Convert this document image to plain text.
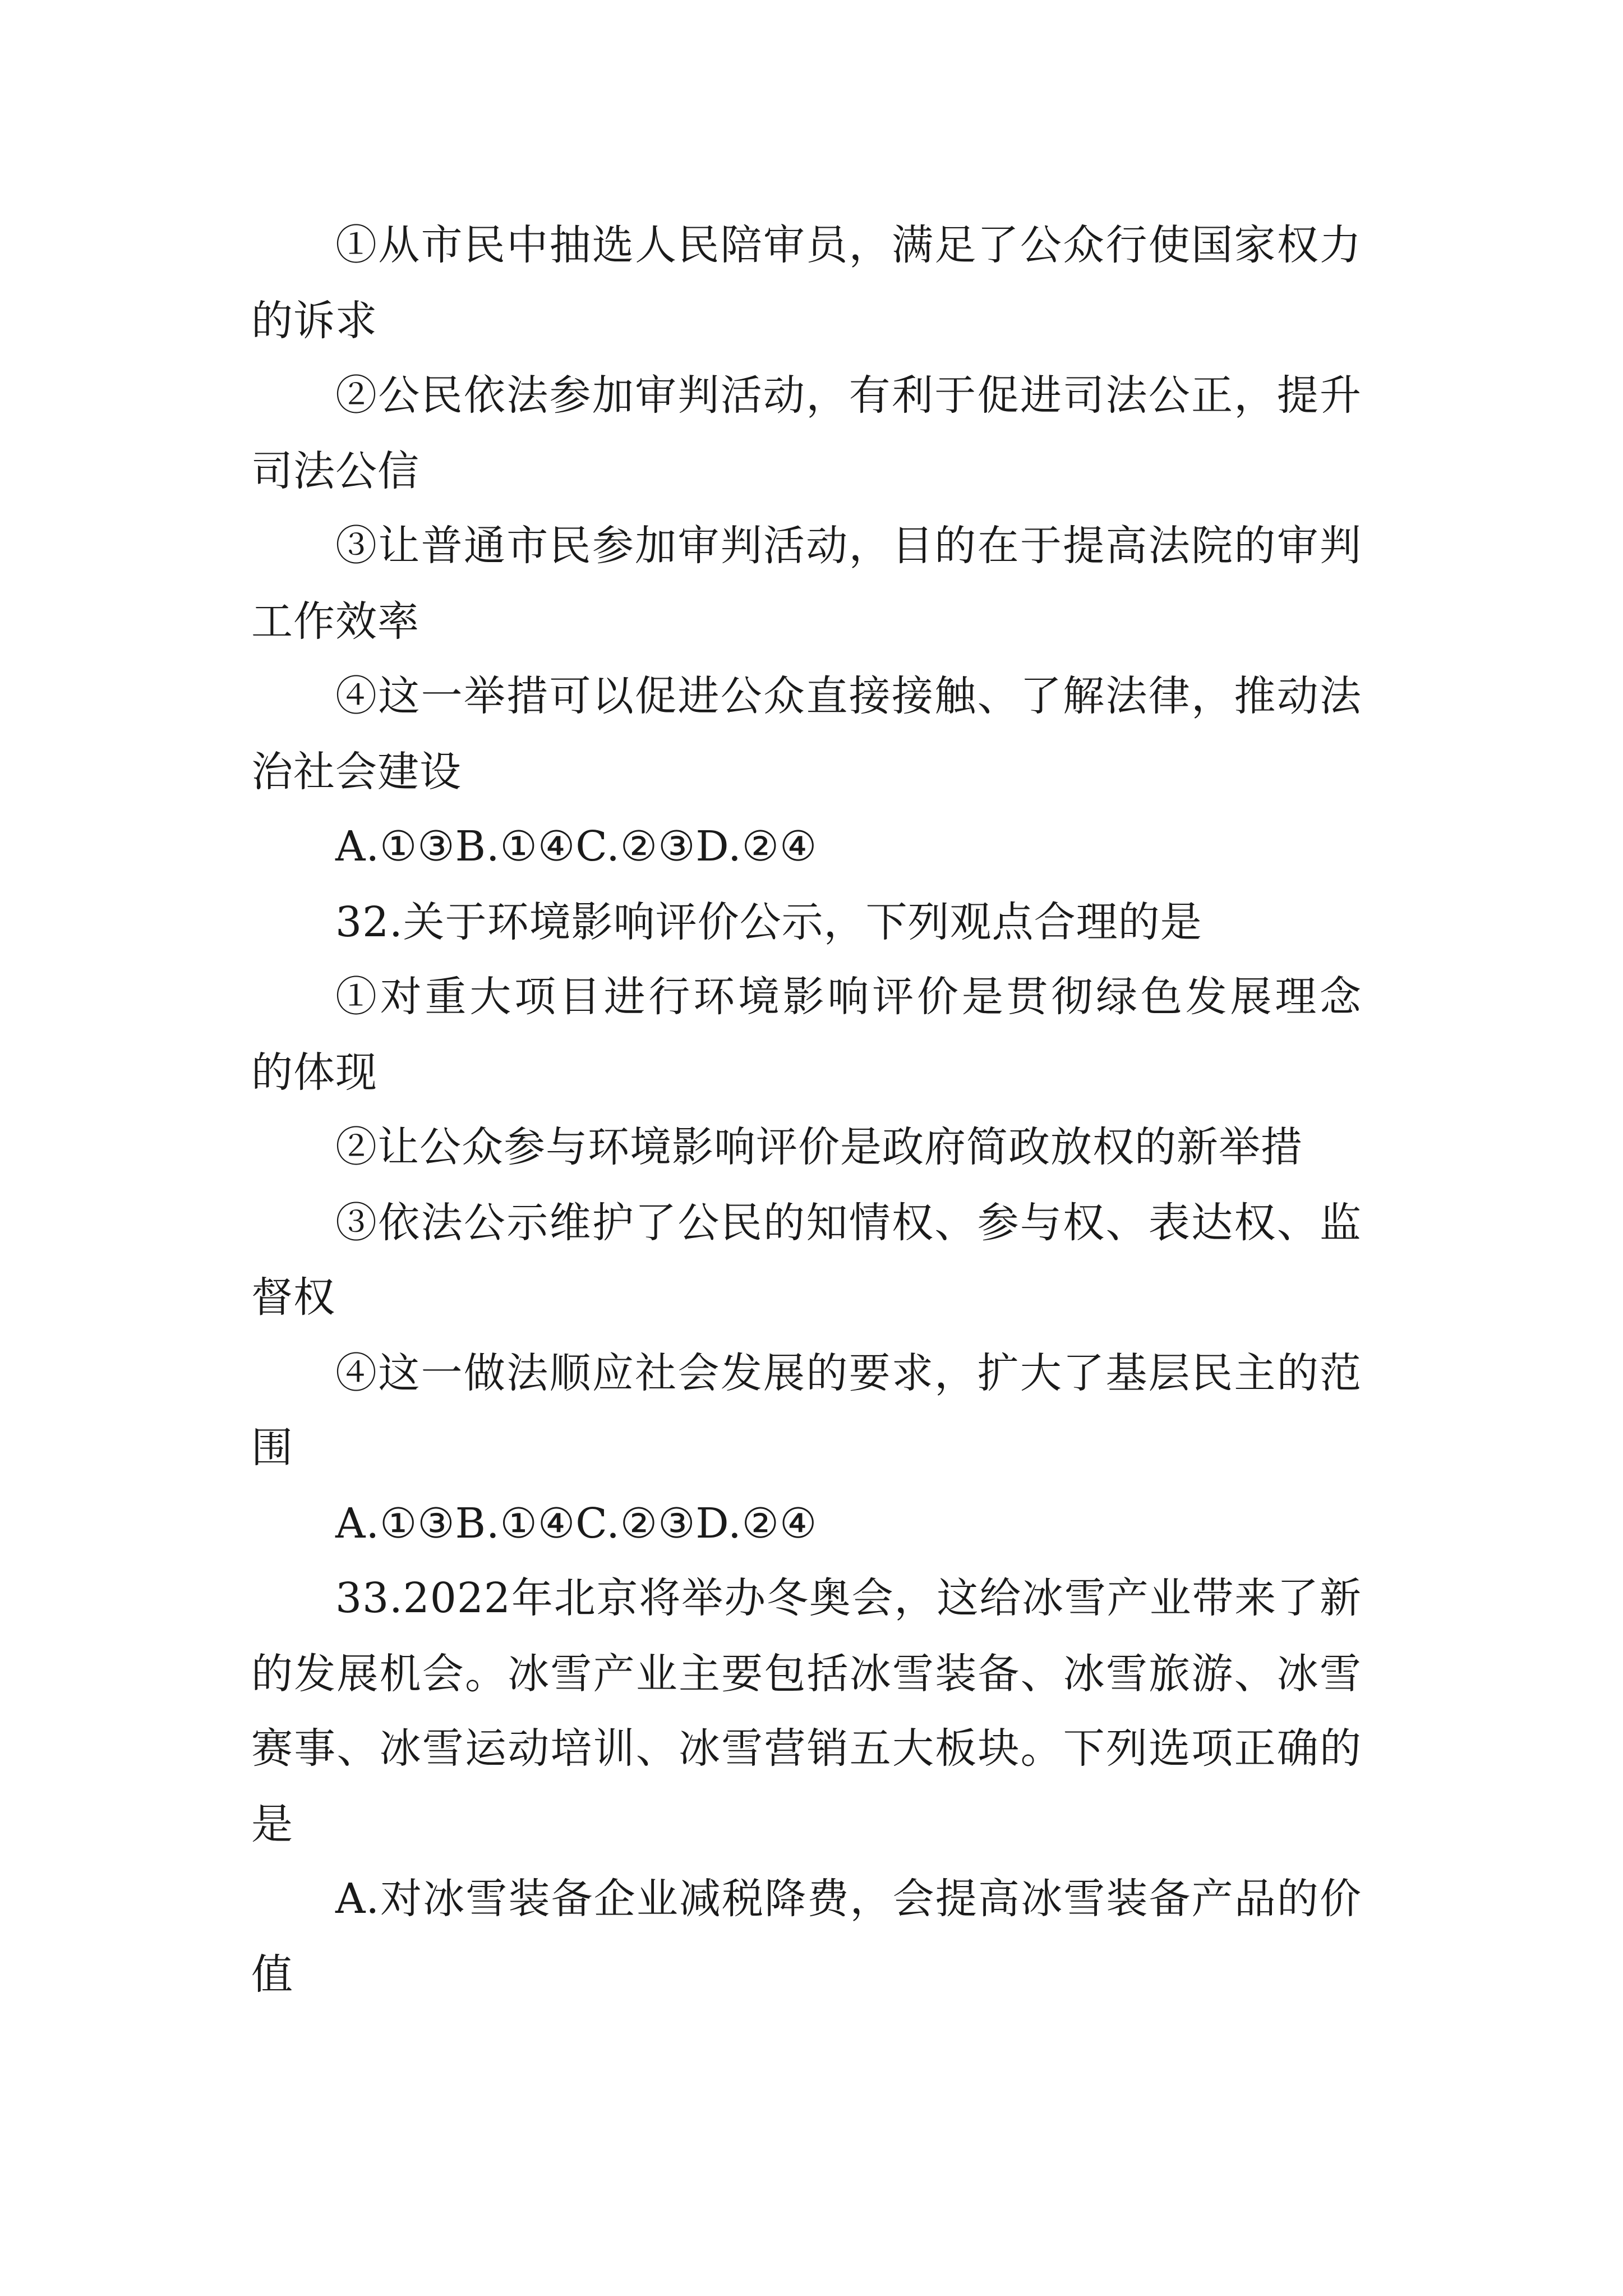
①从市民中抽选人民陪审员，满足了公众行使国家权力
的诉求
②公民依法参加审判活动，有利于促进司法公正，提升
司法公信
③让普通市民参加审判活动，目的在于提高法院的审判
工作效率
④这一举措可以促进公众直接接触、了解法律，推动法
治社会建设
A.①③B.①④C.②③D.②④
32.关于环境影响评价公示，下列观点合理的是
①对重大项目进行环境影响评价是贯彻绿色发展理念
的体现
②让公众参与环境影响评价是政府简政放权的新举措
③依法公示维护了公民的知情权、参与权、表达权、监
督权
④这一做法顺应社会发展的要求，扩大了基层民主的范
围
A.①③B.①④C.②③D.②④
33.2022年北京将举办冬奥会，这给冰雪产业带来了新
的发展机会。冰雪产业主要包括冰雪装备、冰雪旅游、冰雪
赛事、冰雪运动培训、冰雪营销五大板块。下列选项正确的
是
A.对冰雪装备企业减税降费，会提高冰雪装备产品的价
值
